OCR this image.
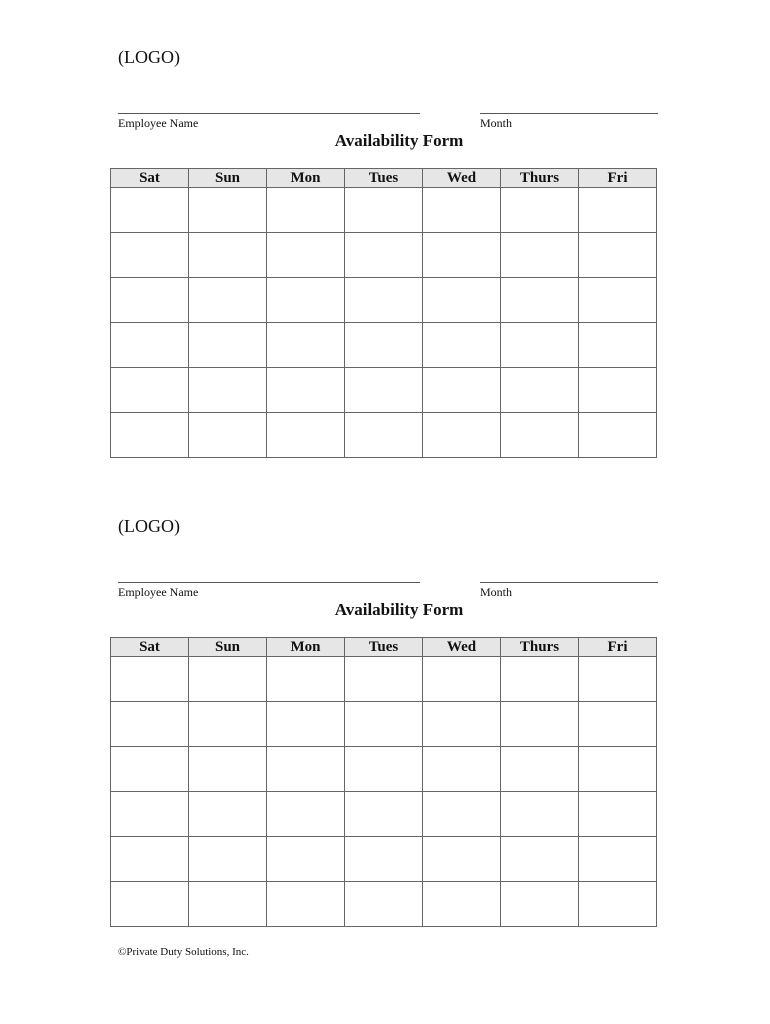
(LOGO)
Employee Name	Month
Availability Form
Sat	Sun	Mon	Tues	Wed	Thurs	Fri

(LOGO)
Employee Name	Month
Availability Form
Sat	Sun	Mon	Tues	Wed	Thurs	Fri

©Private Duty Solutions, Inc.
